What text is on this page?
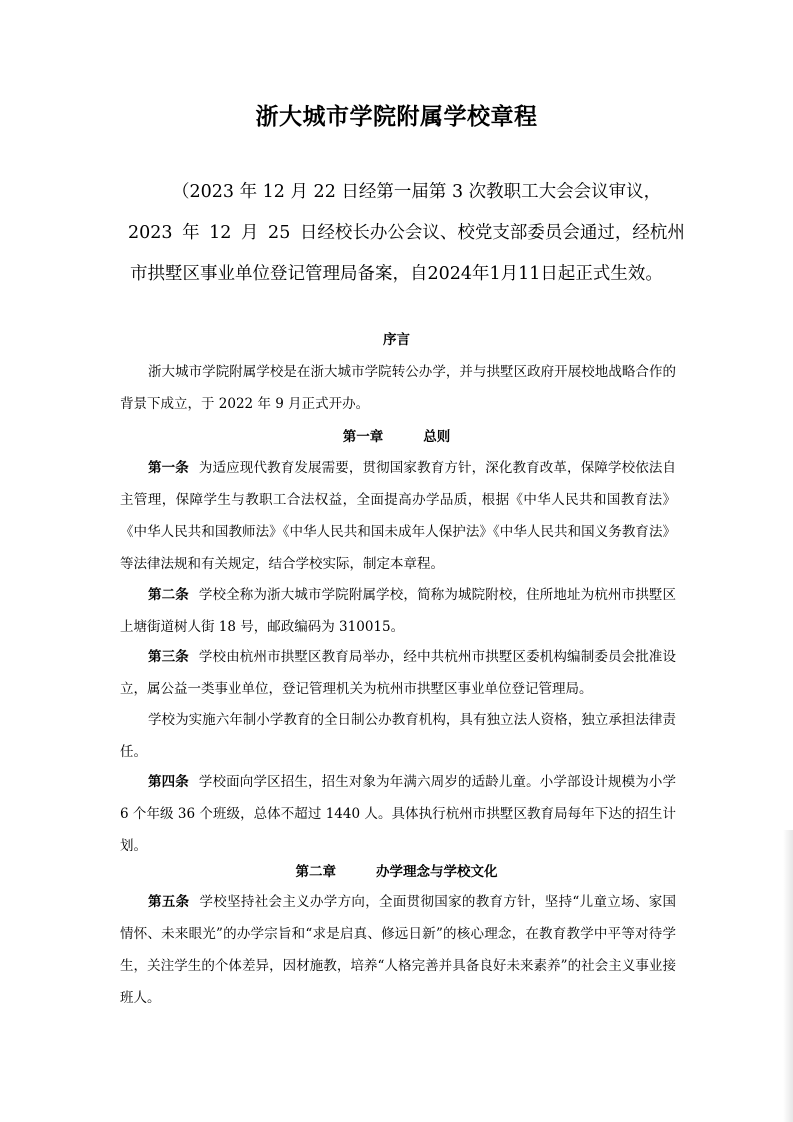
浙大城市学院附属学校章程
（2023 年 12 月 22 日经第一届第 3 次教职工大会会议审议，
2023 年 12 月 25 日经校长办公会议、校党支部委员会通过，经杭州
市拱墅区事业单位登记管理局备案，自2024年1月11日起正式生效。
序言

浙大城市学院附属学校是在浙大城市学院转公办学，并与拱墅区政府开展校地战略合作的背景下成立，于 2022 年 9 月正式开办。

第一章	总则

第一条 为适应现代教育发展需要，贯彻国家教育方针，深化教育改革，保障学校依法自主管理，保障学生与教职工合法权益，全面提高办学品质，根据《中华人民共和国教育法》《中华人民共和国教师法》《中华人民共和国未成年人保护法》《中华人民共和国义务教育法》等法律法规和有关规定，结合学校实际，制定本章程。

第二条 学校全称为浙大城市学院附属学校，简称为城院附校，住所地址为杭州市拱墅区上塘街道树人街 18 号，邮政编码为 310015。

第三条 学校由杭州市拱墅区教育局举办，经中共杭州市拱墅区委机构编制委员会批准设立，属公益一类事业单位，登记管理机关为杭州市拱墅区事业单位登记管理局。

学校为实施六年制小学教育的全日制公办教育机构，具有独立法人资格，独立承担法律责任。

第四条 学校面向学区招生，招生对象为年满六周岁的适龄儿童。小学部设计规模为小学 6 个年级 36 个班级，总体不超过 1440 人。具体执行杭州市拱墅区教育局每年下达的招生计划。

第二章	办学理念与学校文化

第五条 学校坚持社会主义办学方向，全面贯彻国家的教育方针，坚持“儿童立场、家国情怀、未来眼光”的办学宗旨和“求是启真、修远日新”的核心理念，在教育教学中平等对待学生，关注学生的个体差异，因材施教，培养“人格完善并具备良好未来素养”的社会主义事业接班人。
